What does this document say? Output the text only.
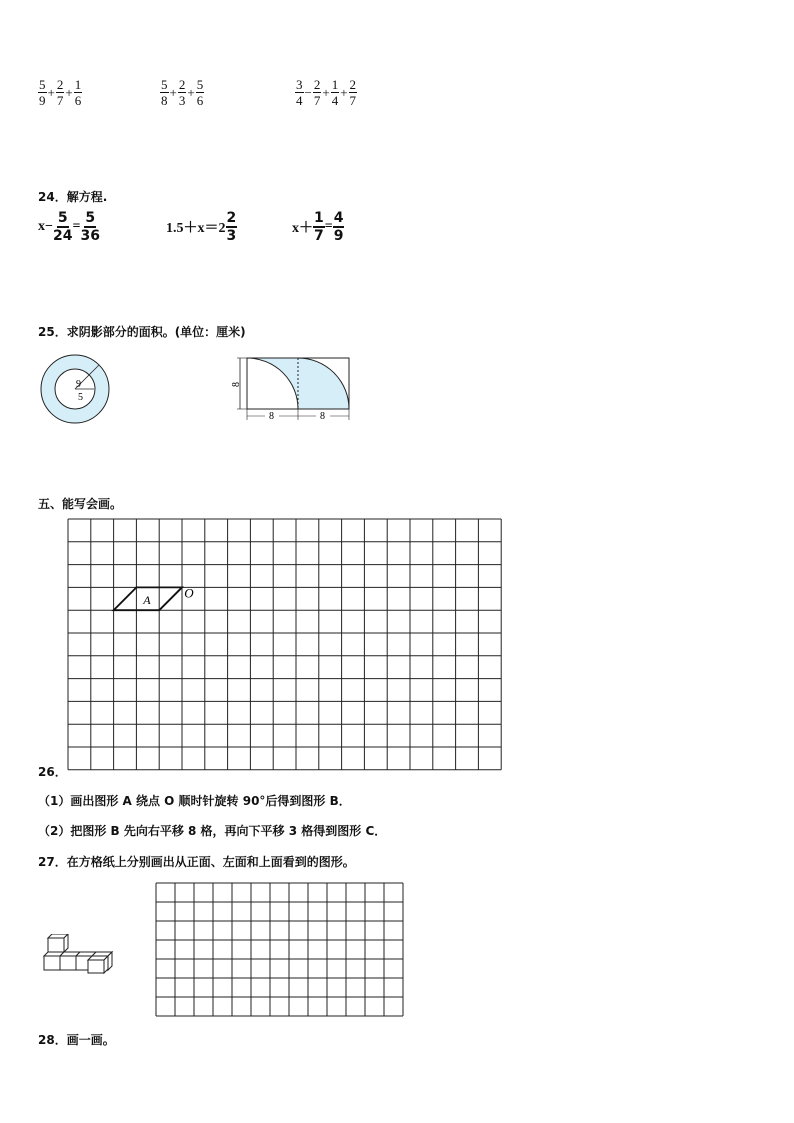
$\frac{5}{9} + \frac{2}{7} + \frac{1}{6}$	$\frac{5}{8} + \frac{2}{3} + \frac{5}{6}$	$\frac{3}{4} - \frac{2}{7} + \frac{1}{4} + \frac{2}{7}$
24．解方程.
$x- \frac{5}{24} = \frac{5}{36}$	$1.5+x=2 \frac{2}{3}$	$x+ \frac{1}{7} = \frac{4}{9}$
25．求阴影部分的面积。(单位：厘米)
9
5
8
8	8
五、能写会画。
A	O
26．
（1）画出图形 A 绕点 O 顺时针旋转 90°后得到图形 B．
（2）把图形 B 先向右平移 8 格，再向下平移 3 格得到图形 C．
27．在方格纸上分别画出从正面、左面和上面看到的图形。
28．画一画。
